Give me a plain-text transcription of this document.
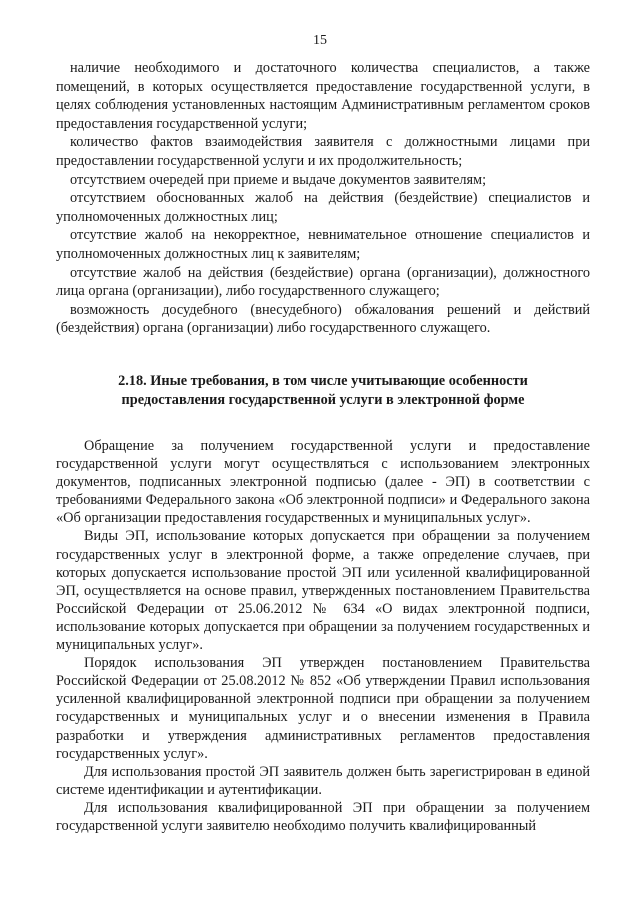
15

наличие необходимого и достаточного количества специалистов, а также помещений, в которых осуществляется предоставление государственной услуги, в целях соблюдения установленных настоящим Административным регламентом сроков предоставления государственной услуги;

количество фактов взаимодействия заявителя с должностными лицами при предоставлении государственной услуги и их продолжительность;

отсутствием очередей при приеме и выдаче документов заявителям;

отсутствием обоснованных жалоб на действия (бездействие) специалистов и уполномоченных должностных лиц;

отсутствие жалоб на некорректное, невнимательное отношение специалистов и уполномоченных должностных лиц к заявителям;

отсутствие жалоб на действия (бездействие) органа (организации), должностного лица органа (организации), либо государственного служащего;

возможность досудебного (внесудебного) обжалования решений и действий (бездействия) органа (организации) либо государственного служащего.

2.18. Иные требования, в том числе учитывающие особенности
предоставления государственной услуги в электронной форме

Обращение за получением государственной услуги и предоставление государственной услуги могут осуществляться с использованием электронных документов, подписанных электронной подписью (далее - ЭП) в соответствии с требованиями Федерального закона «Об электронной подписи» и Федерального закона «Об организации предоставления государственных и муниципальных услуг».

Виды ЭП, использование которых допускается при обращении за получением государственных услуг в электронной форме, а также определение случаев, при которых допускается использование простой ЭП или усиленной квалифицированной ЭП, осуществляется на основе правил, утвержденных постановлением Правительства Российской Федерации от 25.06.2012 № 634 «О видах электронной подписи, использование которых допускается при обращении за получением государственных и муниципальных услуг».

Порядок использования ЭП утвержден постановлением Правительства Российской Федерации от 25.08.2012 № 852 «Об утверждении Правил использования усиленной квалифицированной электронной подписи при обращении за получением государственных и муниципальных услуг и о внесении изменения в Правила разработки и утверждения административных регламентов предоставления государственных услуг».

Для использования простой ЭП заявитель должен быть зарегистрирован в единой системе идентификации и аутентификации.

Для использования квалифицированной ЭП при обращении за получением государственной услуги заявителю необходимо получить квалифицированный
